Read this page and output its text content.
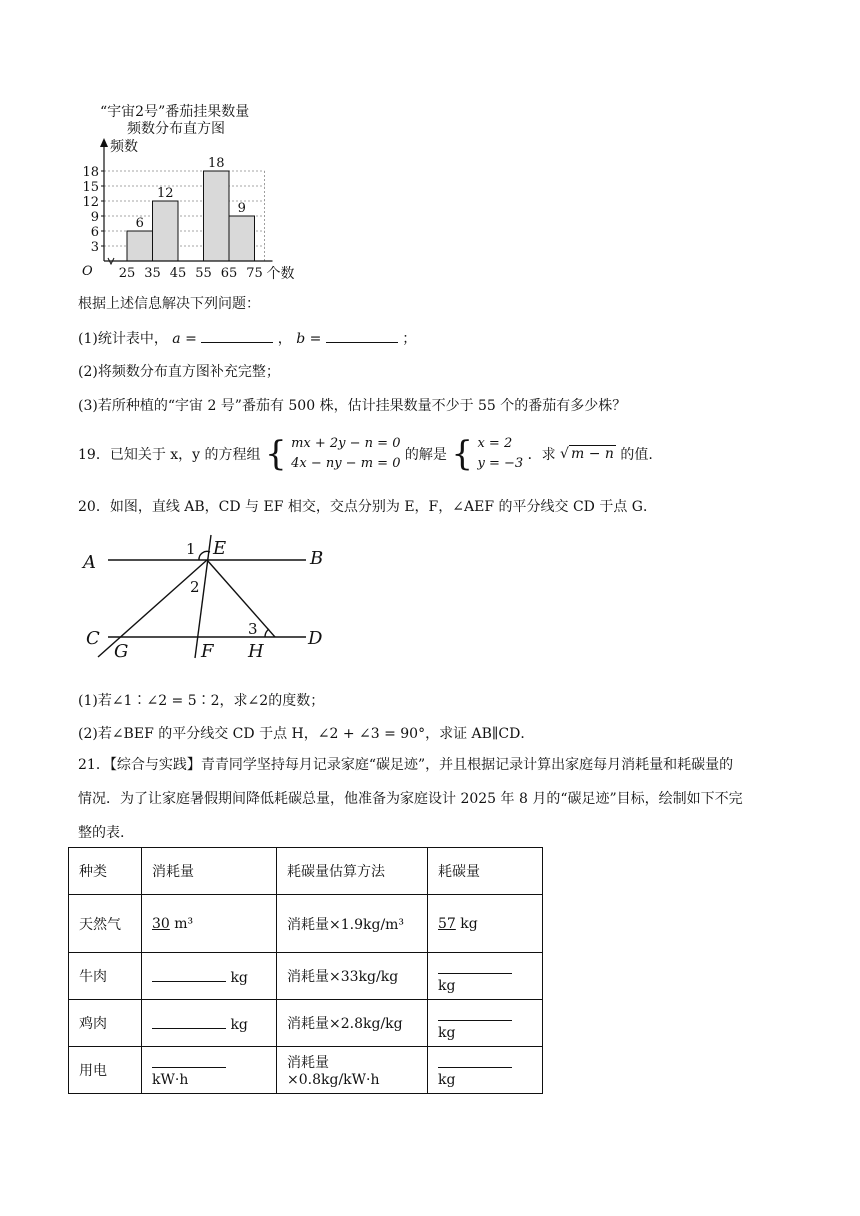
“宇宙2号”番茄挂果数量
频数分布直方图
6
12
18
9
3
6
9
12
15
18
25 35 45 55 65 75
频数
个数
O
根据上述信息解决下列问题：
(1)统计表中， a =	， b =	；
(2)将频数分布直方图补充完整；
(3)若所种植的“宇宙 2 号”番茄有 500 株，估计挂果数量不少于 55 个的番茄有多少株？
19．已知关于 x，y 的方程组 { mx + 2y − n = 0
4x − ny − m = 0 的解是 { x = 2
y = −3 ．求 √ m − n 的值.
20．如图，直线 AB，CD 与 EF 相交，交点分别为 E，F，∠AEF 的平分线交 CD 于点 G．
A	B
C	D
E
F
G	H
1
2
3
(1)若∠1∶∠2 = 5∶2，求∠2的度数；
(2)若∠BEF 的平分线交 CD 于点 H，∠2 + ∠3 = 90°，求证 AB∥CD．
21．【综合与实践】青青同学坚持每月记录家庭“碳足迹”，并且根据记录计算出家庭每月消耗量和耗碳量的
情况．为了让家庭暑假期间降低耗碳总量，他准备为家庭设计 2025 年 8 月的“碳足迹”目标，绘制如下不完
整的表.
种类	消耗量	耗碳量估算方法	耗碳量
天然气	30 m³	消耗量×1.9kg/m³	57 kg
牛肉	kg	消耗量×33kg/kg	kg
鸡肉	kg	消耗量×2.8kg/kg	kg
用电	kW·h	消耗量×0.8kg/kW·h	kg
